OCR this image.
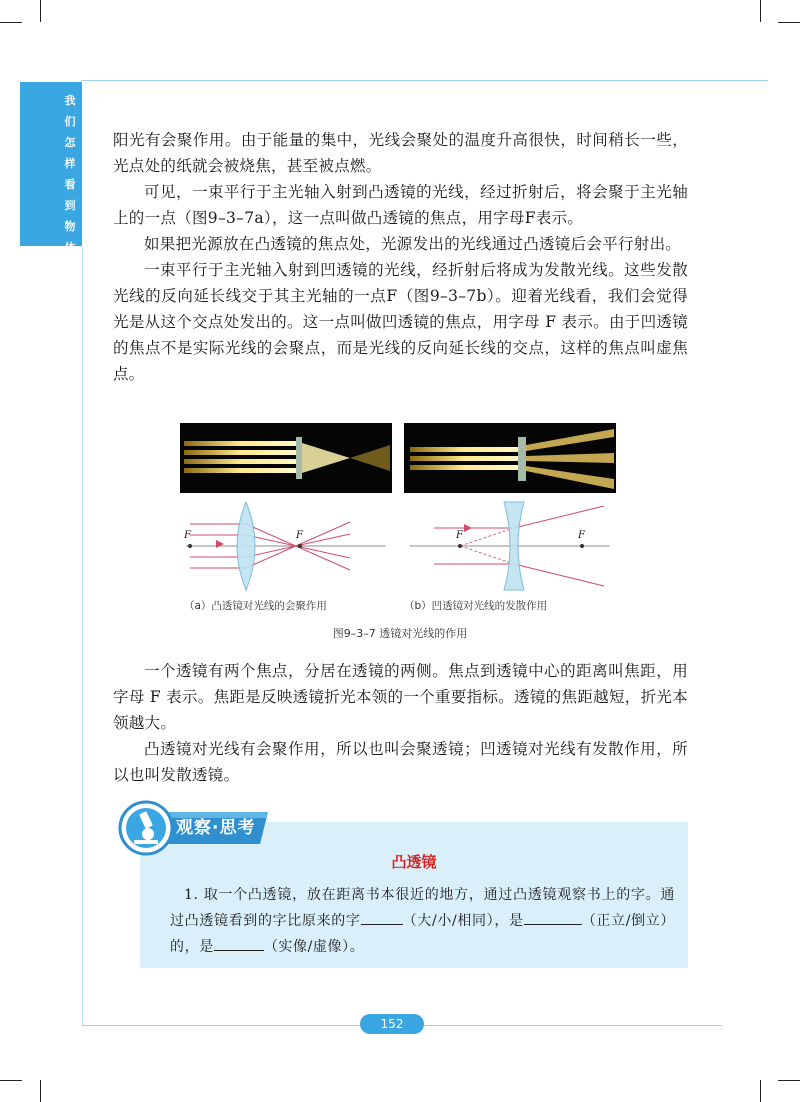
我
们
怎
样
看
到
物
体

阳光有会聚作用。由于能量的集中，光线会聚处的温度升高很快，时间稍长一些，光点处的纸就会被烧焦，甚至被点燃。

可见，一束平行于主光轴入射到凸透镜的光线，经过折射后，将会聚于主光轴上的一点（图9–3–7a），这一点叫做凸透镜的焦点，用字母F表示。

如果把光源放在凸透镜的焦点处，光源发出的光线通过凸透镜后会平行射出。

一束平行于主光轴入射到凹透镜的光线，经折射后将成为发散光线。这些发散光线的反向延长线交于其主光轴的一点F（图9–3–7b）。迎着光线看，我们会觉得光是从这个交点处发出的。这一点叫做凹透镜的焦点，用字母 F 表示。由于凹透镜的焦点不是实际光线的会聚点，而是光线的反向延长线的交点，这样的焦点叫虚焦点。

F	F	F	F
（a）凸透镜对光线的会聚作用	（b）凹透镜对光线的发散作用
图9–3–7 透镜对光线的作用

一个透镜有两个焦点，分居在透镜的两侧。焦点到透镜中心的距离叫焦距，用字母 F 表示。焦距是反映透镜折光本领的一个重要指标。透镜的焦距越短，折光本领越大。

凸透镜对光线有会聚作用，所以也叫会聚透镜；凹透镜对光线有发散作用，所以也叫发散透镜。

观察·思考
凸透镜
1. 取一个凸透镜，放在距离书本很近的地方，通过凸透镜观察书上的字。通过凸透镜看到的字比原来的字	（大/小/相同），是	（正立/倒立）的，是	（实像/虚像）。
152
